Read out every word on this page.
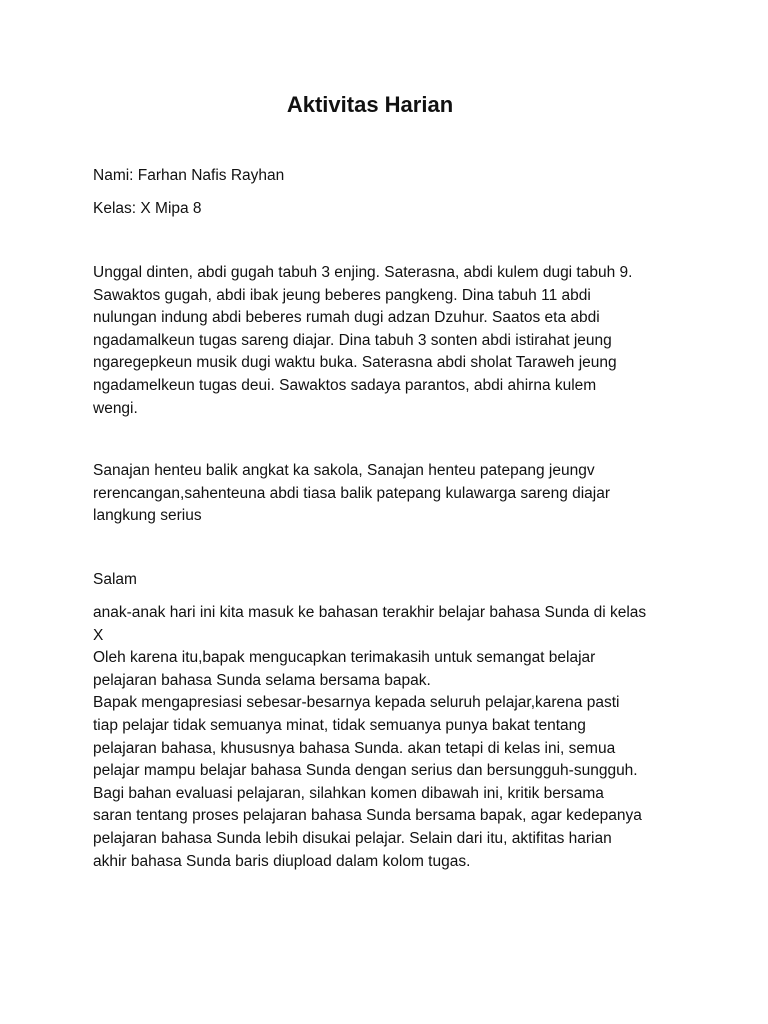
Aktivitas Harian
Nami: Farhan Nafis Rayhan
Kelas: X Mipa 8
Unggal dinten, abdi gugah tabuh 3 enjing. Saterasna, abdi kulem dugi tabuh 9.
Sawaktos gugah, abdi ibak jeung beberes pangkeng. Dina tabuh 11 abdi
nulungan indung abdi beberes rumah dugi adzan Dzuhur. Saatos eta abdi
ngadamalkeun tugas sareng diajar. Dina tabuh 3 sonten abdi istirahat jeung
ngaregepkeun musik dugi waktu buka. Saterasna abdi sholat Taraweh jeung
ngadamelkeun tugas deui. Sawaktos sadaya parantos, abdi ahirna kulem
wengi.
Sanajan henteu balik angkat ka sakola, Sanajan henteu patepang jeungv
rerencangan,sahenteuna abdi tiasa balik patepang kulawarga sareng diajar
langkung serius
Salam
anak-anak hari ini kita masuk ke bahasan terakhir belajar bahasa Sunda di kelas
X
Oleh karena itu,bapak mengucapkan terimakasih untuk semangat belajar
pelajaran bahasa Sunda selama bersama bapak.
Bapak mengapresiasi sebesar-besarnya kepada seluruh pelajar,karena pasti
tiap pelajar tidak semuanya minat, tidak semuanya punya bakat tentang
pelajaran bahasa, khususnya bahasa Sunda. akan tetapi di kelas ini, semua
pelajar mampu belajar bahasa Sunda dengan serius dan bersungguh-sungguh.
Bagi bahan evaluasi pelajaran, silahkan komen dibawah ini, kritik bersama
saran tentang proses pelajaran bahasa Sunda bersama bapak, agar kedepanya
pelajaran bahasa Sunda lebih disukai pelajar. Selain dari itu, aktifitas harian
akhir bahasa Sunda baris diupload dalam kolom tugas.
